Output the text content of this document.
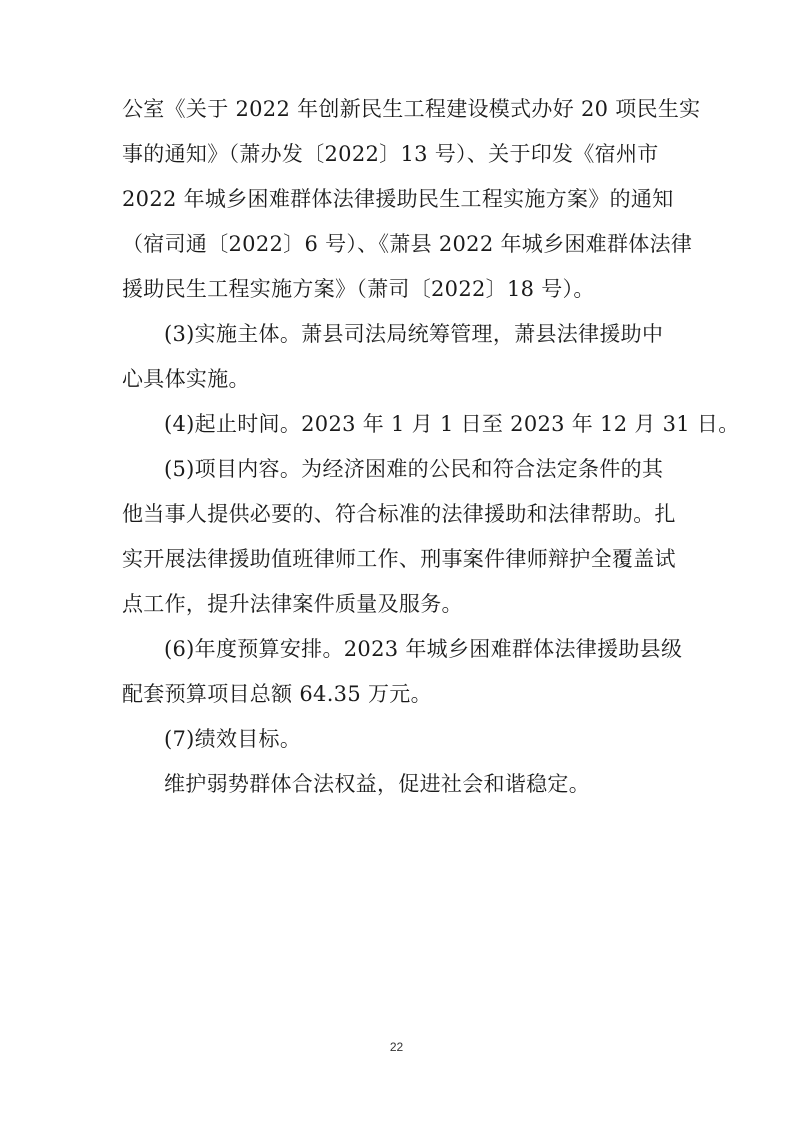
公室《关于 2022 年创新民生工程建设模式办好 20 项民生实
事的通知》（萧办发〔2022〕13 号）、关于印发《宿州市
2022 年城乡困难群体法律援助民生工程实施方案》的通知
（宿司通〔2022〕6 号）、《萧县 2022 年城乡困难群体法律
援助民生工程实施方案》（萧司〔2022〕18 号）。
(3)实施主体。萧县司法局统筹管理，萧县法律援助中
心具体实施。
(4)起止时间。2023 年 1 月 1 日至 2023 年 12 月 31 日。
(5)项目内容。为经济困难的公民和符合法定条件的其
他当事人提供必要的、符合标准的法律援助和法律帮助。扎
实开展法律援助值班律师工作、刑事案件律师辩护全覆盖试
点工作，提升法律案件质量及服务。
(6)年度预算安排。2023 年城乡困难群体法律援助县级
配套预算项目总额 64.35 万元。
(7)绩效目标。
维护弱势群体合法权益，促进社会和谐稳定。
22
